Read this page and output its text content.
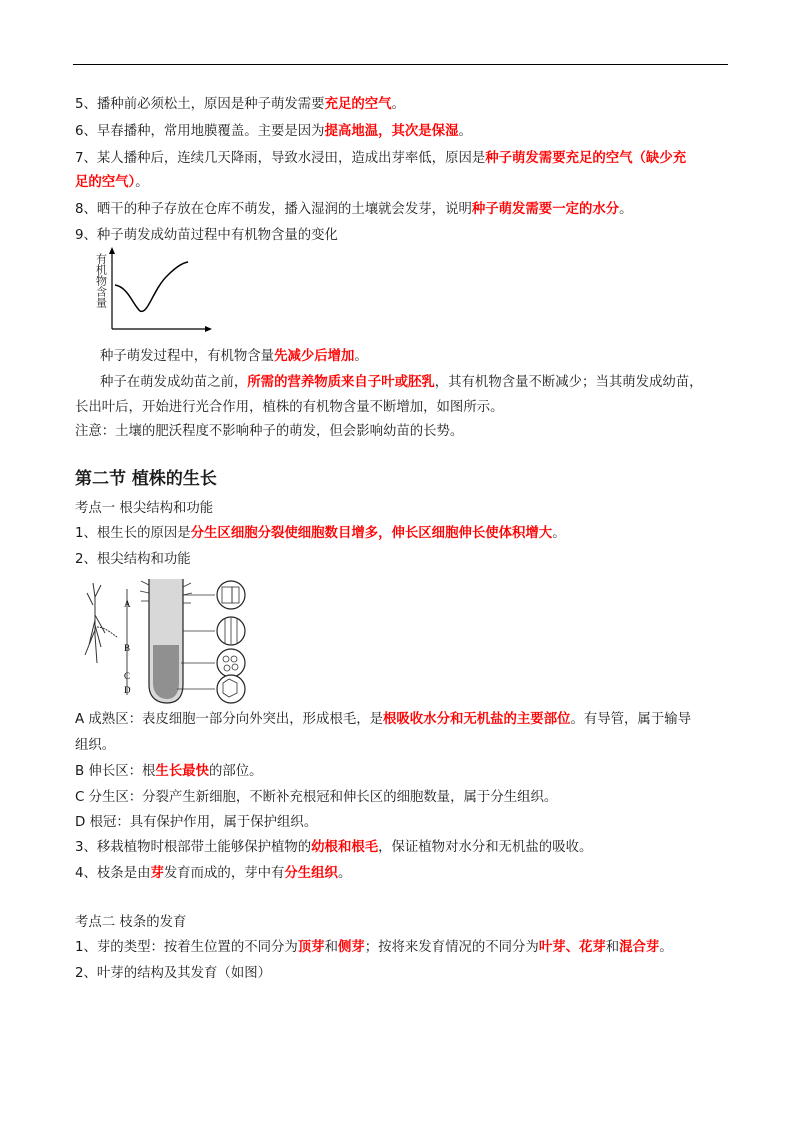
5、播种前必须松土，原因是种子萌发需要充足的空气。
6、早春播种，常用地膜覆盖。主要是因为提高地温，其次是保湿。
7、某人播种后，连续几天降雨，导致水浸田，造成出芽率低，原因是种子萌发需要充足的空气（缺少充
足的空气）。
8、晒干的种子存放在仓库不萌发，播入湿润的土壤就会发芽，说明种子萌发需要一定的水分。
9、种子萌发成幼苗过程中有机物含量的变化
有机物含量
种子萌发过程中，有机物含量先减少后增加。
种子在萌发成幼苗之前，所需的营养物质来自子叶或胚乳，其有机物含量不断减少；当其萌发成幼苗，
长出叶后，开始进行光合作用，植株的有机物含量不断增加，如图所示。
注意：土壤的肥沃程度不影响种子的萌发，但会影响幼苗的长势。
第二节 植株的生长
考点一 根尖结构和功能
1、根生长的原因是分生区细胞分裂使细胞数目增多，伸长区细胞伸长使体积增大。
2、根尖结构和功能
A
B
C
D
A 成熟区：表皮细胞一部分向外突出，形成根毛，是根吸收水分和无机盐的主要部位。有导管，属于输导
组织。
B 伸长区：根生长最快的部位。
C 分生区：分裂产生新细胞，不断补充根冠和伸长区的细胞数量，属于分生组织。
D 根冠：具有保护作用，属于保护组织。
3、移栽植物时根部带土能够保护植物的幼根和根毛，保证植物对水分和无机盐的吸收。
4、枝条是由芽发育而成的，芽中有分生组织。
考点二 枝条的发育
1、芽的类型：按着生位置的不同分为顶芽和侧芽；按将来发育情况的不同分为叶芽、花芽和混合芽。
2、叶芽的结构及其发育（如图）
